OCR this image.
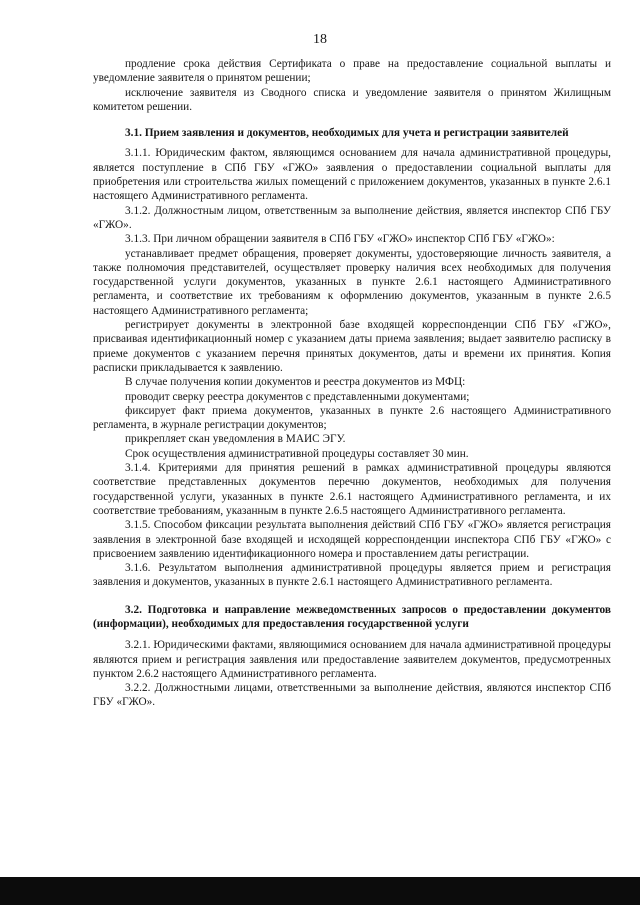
18

продление срока действия Сертификата о праве на предоставление социальной выплаты и уведомление заявителя о принятом решении;

исключение заявителя из Сводного списка и уведомление заявителя о принятом Жилищным комитетом решении.

3.1. Прием заявления и документов, необходимых для учета и регистрации заявителей

3.1.1. Юридическим фактом, являющимся основанием для начала административной процедуры, является поступление в СПб ГБУ «ГЖО» заявления о предоставлении социальной выплаты для приобретения или строительства жилых помещений с приложением документов, указанных в пункте 2.6.1 настоящего Административного регламента.

3.1.2. Должностным лицом, ответственным за выполнение действия, является инспектор СПб ГБУ «ГЖО».

3.1.3. При личном обращении заявителя в СПб ГБУ «ГЖО» инспектор СПб ГБУ «ГЖО»:

устанавливает предмет обращения, проверяет документы, удостоверяющие личность заявителя, а также полномочия представителей, осуществляет проверку наличия всех необходимых для получения государственной услуги документов, указанных в пункте 2.6.1 настоящего Административного регламента, и соответствие их требованиям к оформлению документов, указанным в пункте 2.6.5 настоящего Административного регламента;

регистрирует документы в электронной базе входящей корреспонденции СПб ГБУ «ГЖО», присваивая идентификационный номер с указанием даты приема заявления; выдает заявителю расписку в приеме документов с указанием перечня принятых документов, даты и времени их принятия. Копия расписки прикладывается к заявлению.

В случае получения копии документов и реестра документов из МФЦ:

проводит сверку реестра документов с представленными документами;

фиксирует факт приема документов, указанных в пункте 2.6 настоящего Административного регламента, в журнале регистрации документов;

прикрепляет скан уведомления в МАИС ЭГУ.

Срок осуществления административной процедуры составляет 30 мин.

3.1.4. Критериями для принятия решений в рамках административной процедуры являются соответствие представленных документов перечню документов, необходимых для получения государственной услуги, указанных в пункте 2.6.1 настоящего Административного регламента, и их соответствие требованиям, указанным в пункте 2.6.5 настоящего Административного регламента.

3.1.5. Способом фиксации результата выполнения действий СПб ГБУ «ГЖО» является регистрация заявления в электронной базе входящей и исходящей корреспонденции инспектора СПб ГБУ «ГЖО» с присвоением заявлению идентификационного номера и проставлением даты регистрации.

3.1.6. Результатом выполнения административной процедуры является прием и регистрация заявления и документов, указанных в пункте 2.6.1 настоящего Административного регламента.

3.2. Подготовка и направление межведомственных запросов о предоставлении документов (информации), необходимых для предоставления государственной услуги

3.2.1. Юридическими фактами, являющимися основанием для начала административной процедуры являются прием и регистрация заявления или предоставление заявителем документов, предусмотренных пунктом 2.6.2 настоящего Административного регламента.

3.2.2. Должностными лицами, ответственными за выполнение действия, являются инспектор СПб ГБУ «ГЖО».
